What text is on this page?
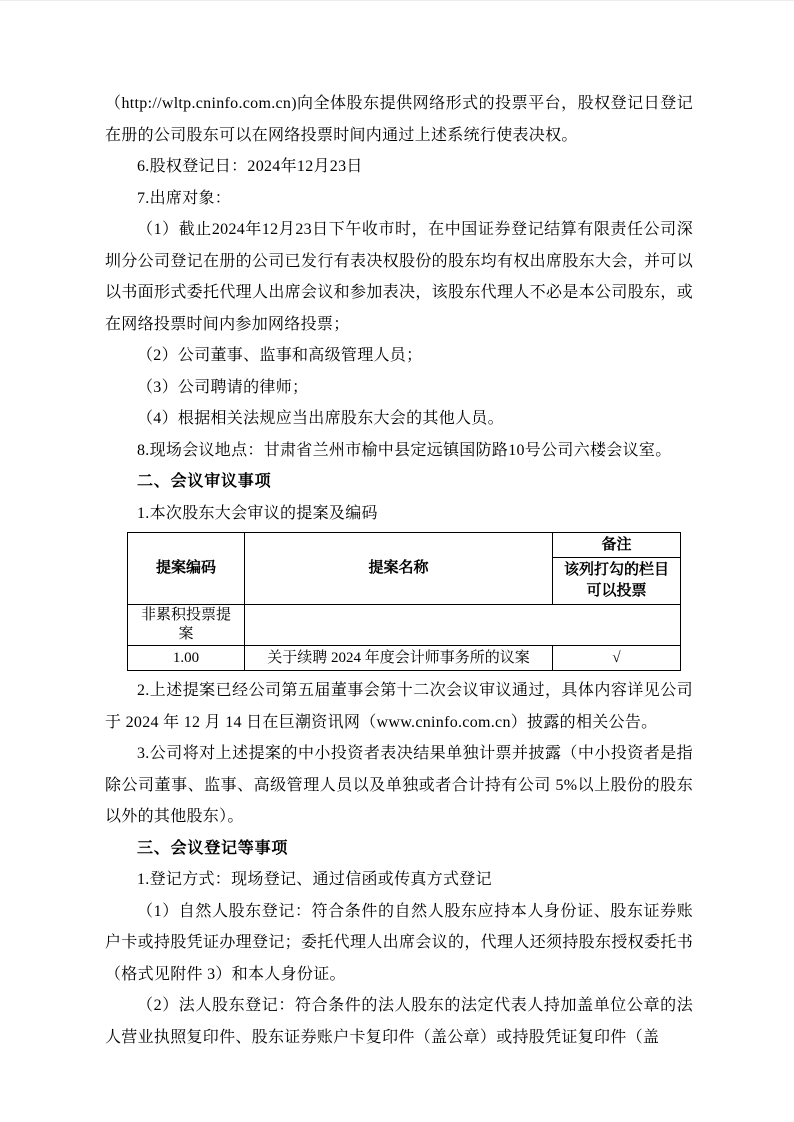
（http://wltp.cninfo.com.cn)向全体股东提供网络形式的投票平台，股权登记日登记在册的公司股东可以在网络投票时间内通过上述系统行使表决权。

6.股权登记日：2024年12月23日

7.出席对象：

（1）截止2024年12月23日下午收市时，在中国证券登记结算有限责任公司深圳分公司登记在册的公司已发行有表决权股份的股东均有权出席股东大会，并可以以书面形式委托代理人出席会议和参加表决，该股东代理人不必是本公司股东，或在网络投票时间内参加网络投票；

（2）公司董事、监事和高级管理人员；

（3）公司聘请的律师；

（4）根据相关法规应当出席股东大会的其他人员。

8.现场会议地点：甘肃省兰州市榆中县定远镇国防路10号公司六楼会议室。

二、会议审议事项

1.本次股东大会审议的提案及编码

提案编码	提案名称	备注

		该列打勾的栏目
可以投票

非累积投票提案		
1.00	关于续聘 2024 年度会计师事务所的议案	√

2.上述提案已经公司第五届董事会第十二次会议审议通过，具体内容详见公司于 2024 年 12 月 14 日在巨潮资讯网（www.cninfo.com.cn）披露的相关公告。

3.公司将对上述提案的中小投资者表决结果单独计票并披露（中小投资者是指除公司董事、监事、高级管理人员以及单独或者合计持有公司 5%以上股份的股东以外的其他股东）。

三、会议登记等事项

1.登记方式：现场登记、通过信函或传真方式登记

（1）自然人股东登记：符合条件的自然人股东应持本人身份证、股东证券账户卡或持股凭证办理登记；委托代理人出席会议的，代理人还须持股东授权委托书（格式见附件 3）和本人身份证。

（2）法人股东登记：符合条件的法人股东的法定代表人持加盖单位公章的法人营业执照复印件、股东证券账户卡复印件（盖公章）或持股凭证复印件（盖
